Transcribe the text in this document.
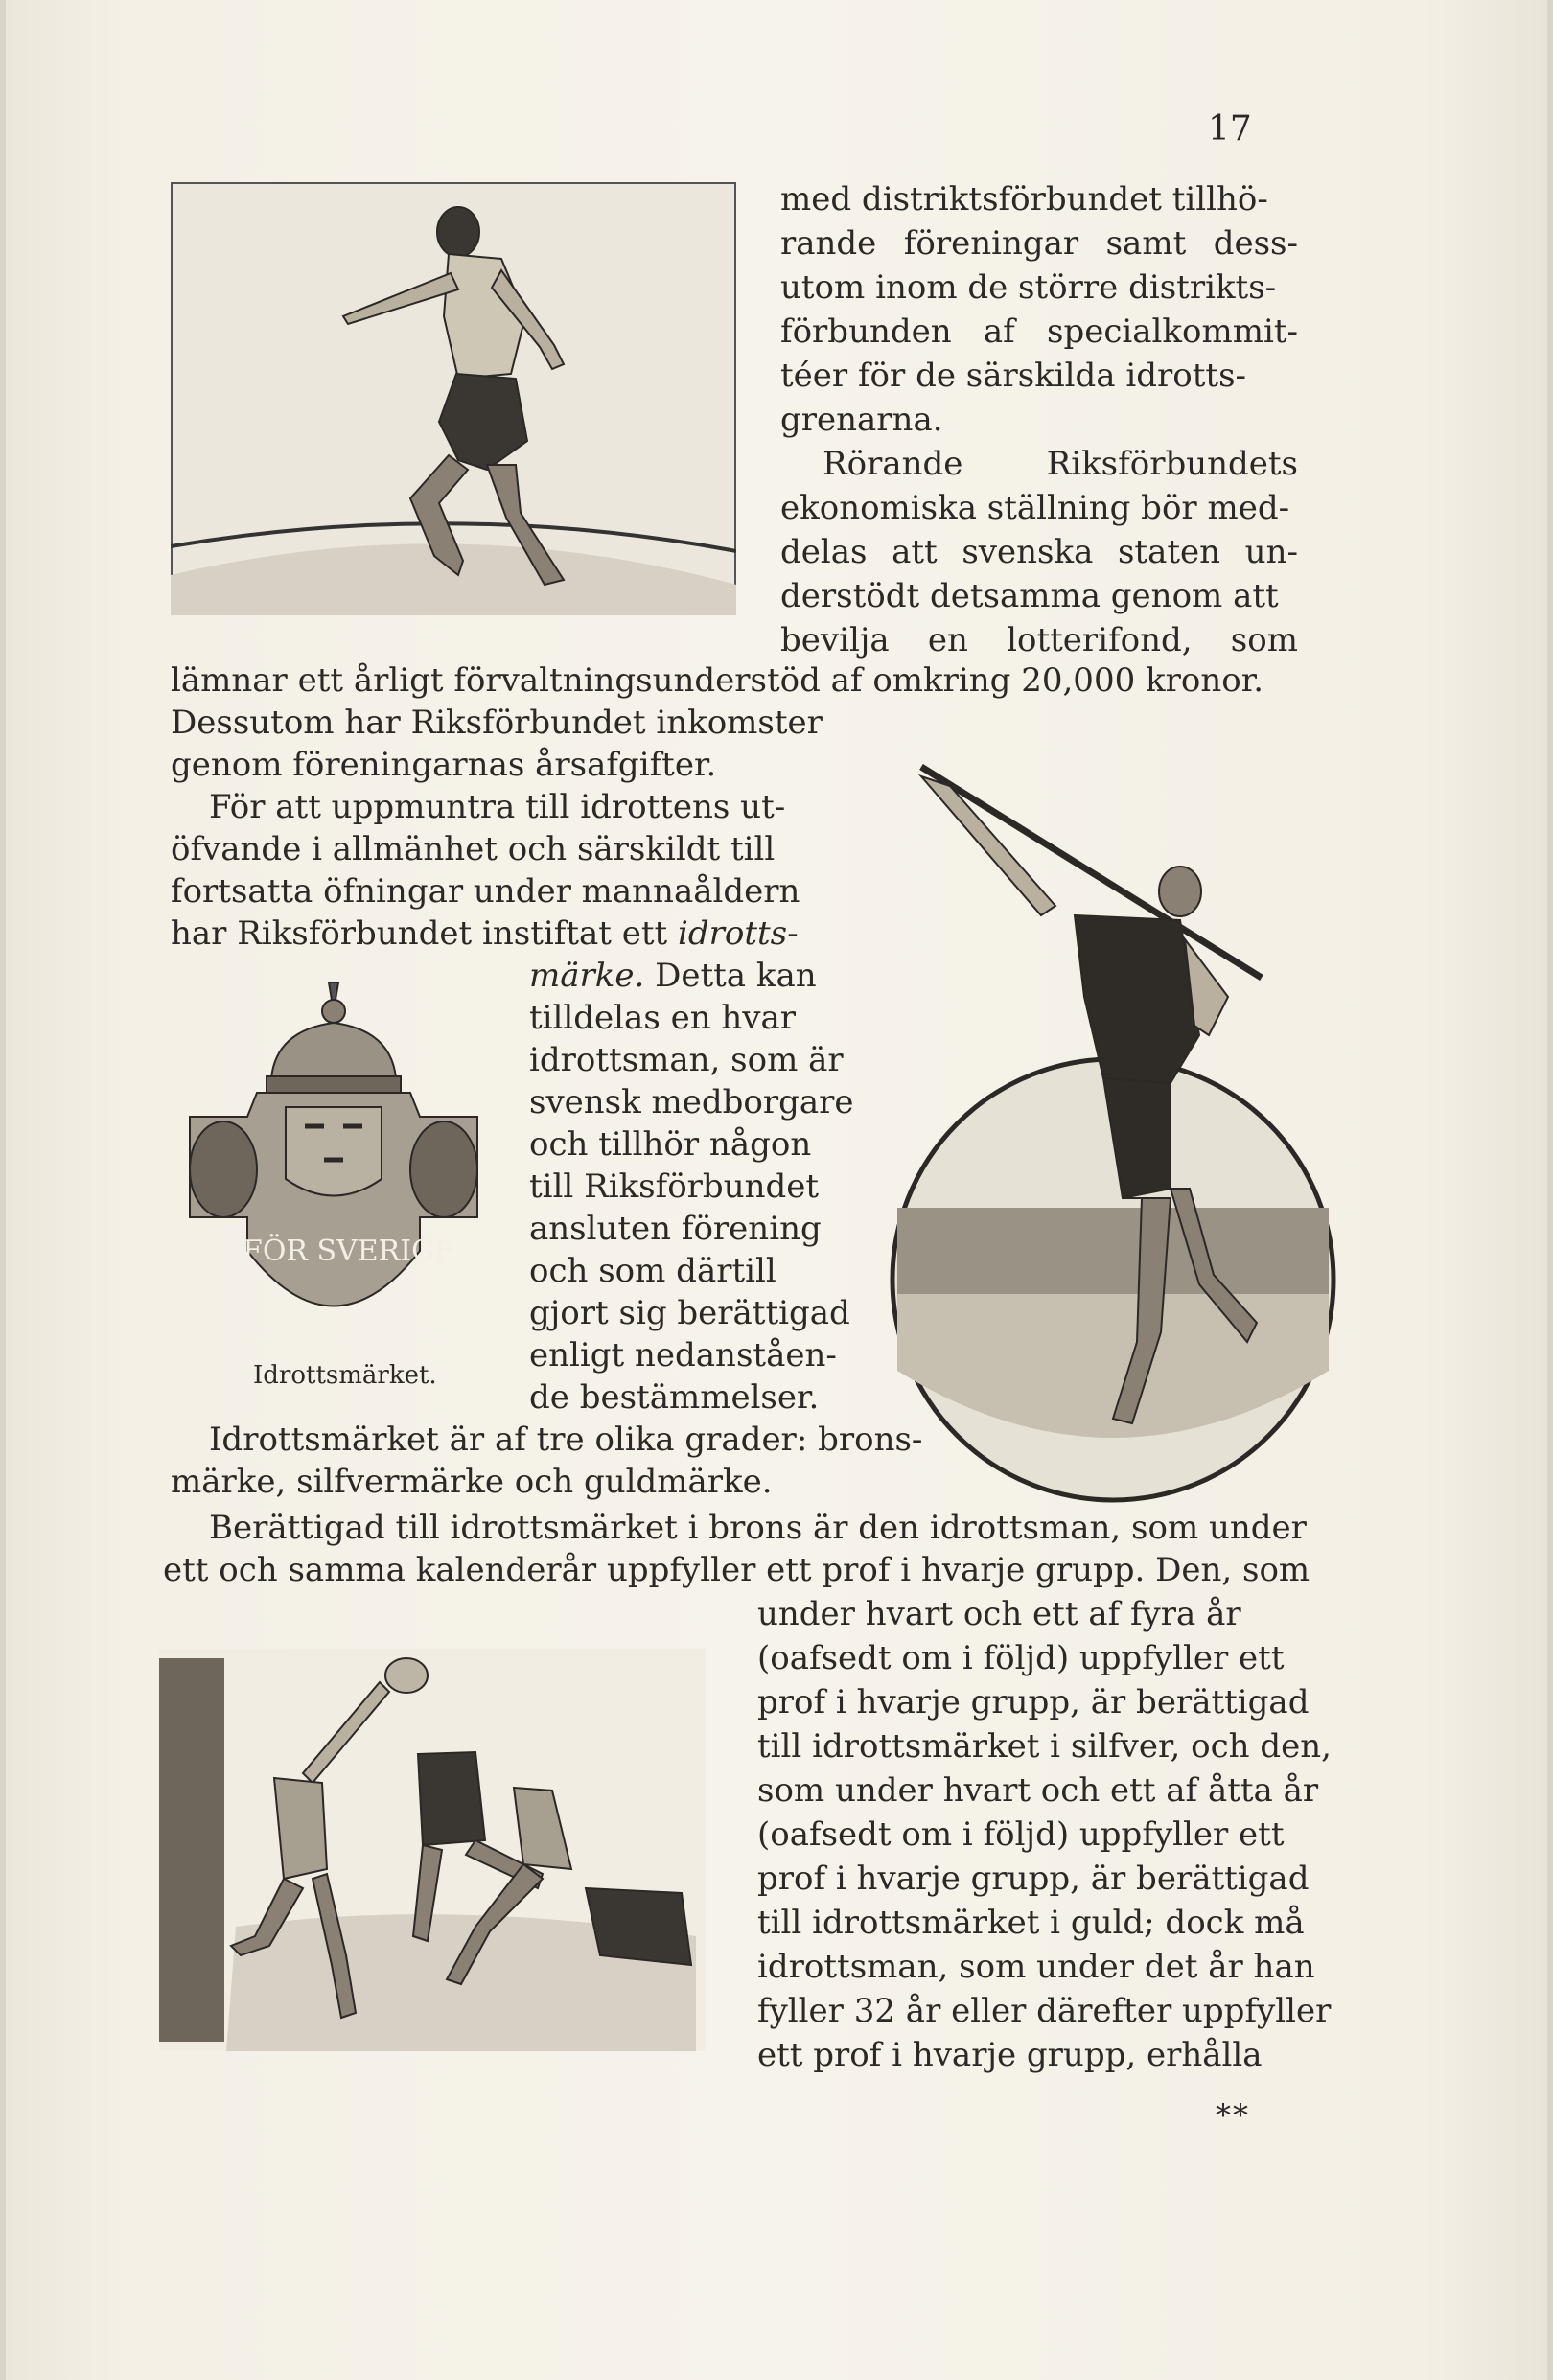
17
med distriktsförbundet tillhö-
rande föreningar samt dess-
utom inom de större distrikts-
förbunden af specialkommit-
téer för de särskilda idrotts-
grenarna.
Rörande	Riksförbundets
ekonomiska ställning bör med-
delas att svenska staten un-
derstödt detsamma genom att
bevilja en lotterifond, som
lämnar ett årligt förvaltningsunderstöd af omkring 20,000 kronor.
Dessutom har Riksförbundet inkomster
genom föreningarnas årsafgifter.
För att uppmuntra till idrottens ut-
öfvande i allmänhet och särskildt till
fortsatta öfningar under mannaåldern
har Riksförbundet instiftat ett idrotts-
märke. Detta kan
tilldelas en hvar
idrottsman, som är
svensk medborgare
och tillhör någon
till Riksförbundet
ansluten förening
och som därtill
gjort sig berättigad
enligt nedanståen-
de bestämmelser.
FÖR SVERIGE
Idrottsmärket.
Idrottsmärket är af tre olika grader: brons-
märke, silfvermärke och guldmärke.
Berättigad till idrottsmärket i brons är den idrottsman, som under
ett och samma kalenderår uppfyller ett prof i hvarje grupp. Den, som
under hvart och ett af fyra år
(oafsedt om i följd) uppfyller ett
prof i hvarje grupp, är berättigad
till idrottsmärket i silfver, och den,
som under hvart och ett af åtta år
(oafsedt om i följd) uppfyller ett
prof i hvarje grupp, är berättigad
till idrottsmärket i guld; dock må
idrottsman, som under det år han
fyller 32 år eller därefter uppfyller
ett prof i hvarje grupp, erhålla
**
